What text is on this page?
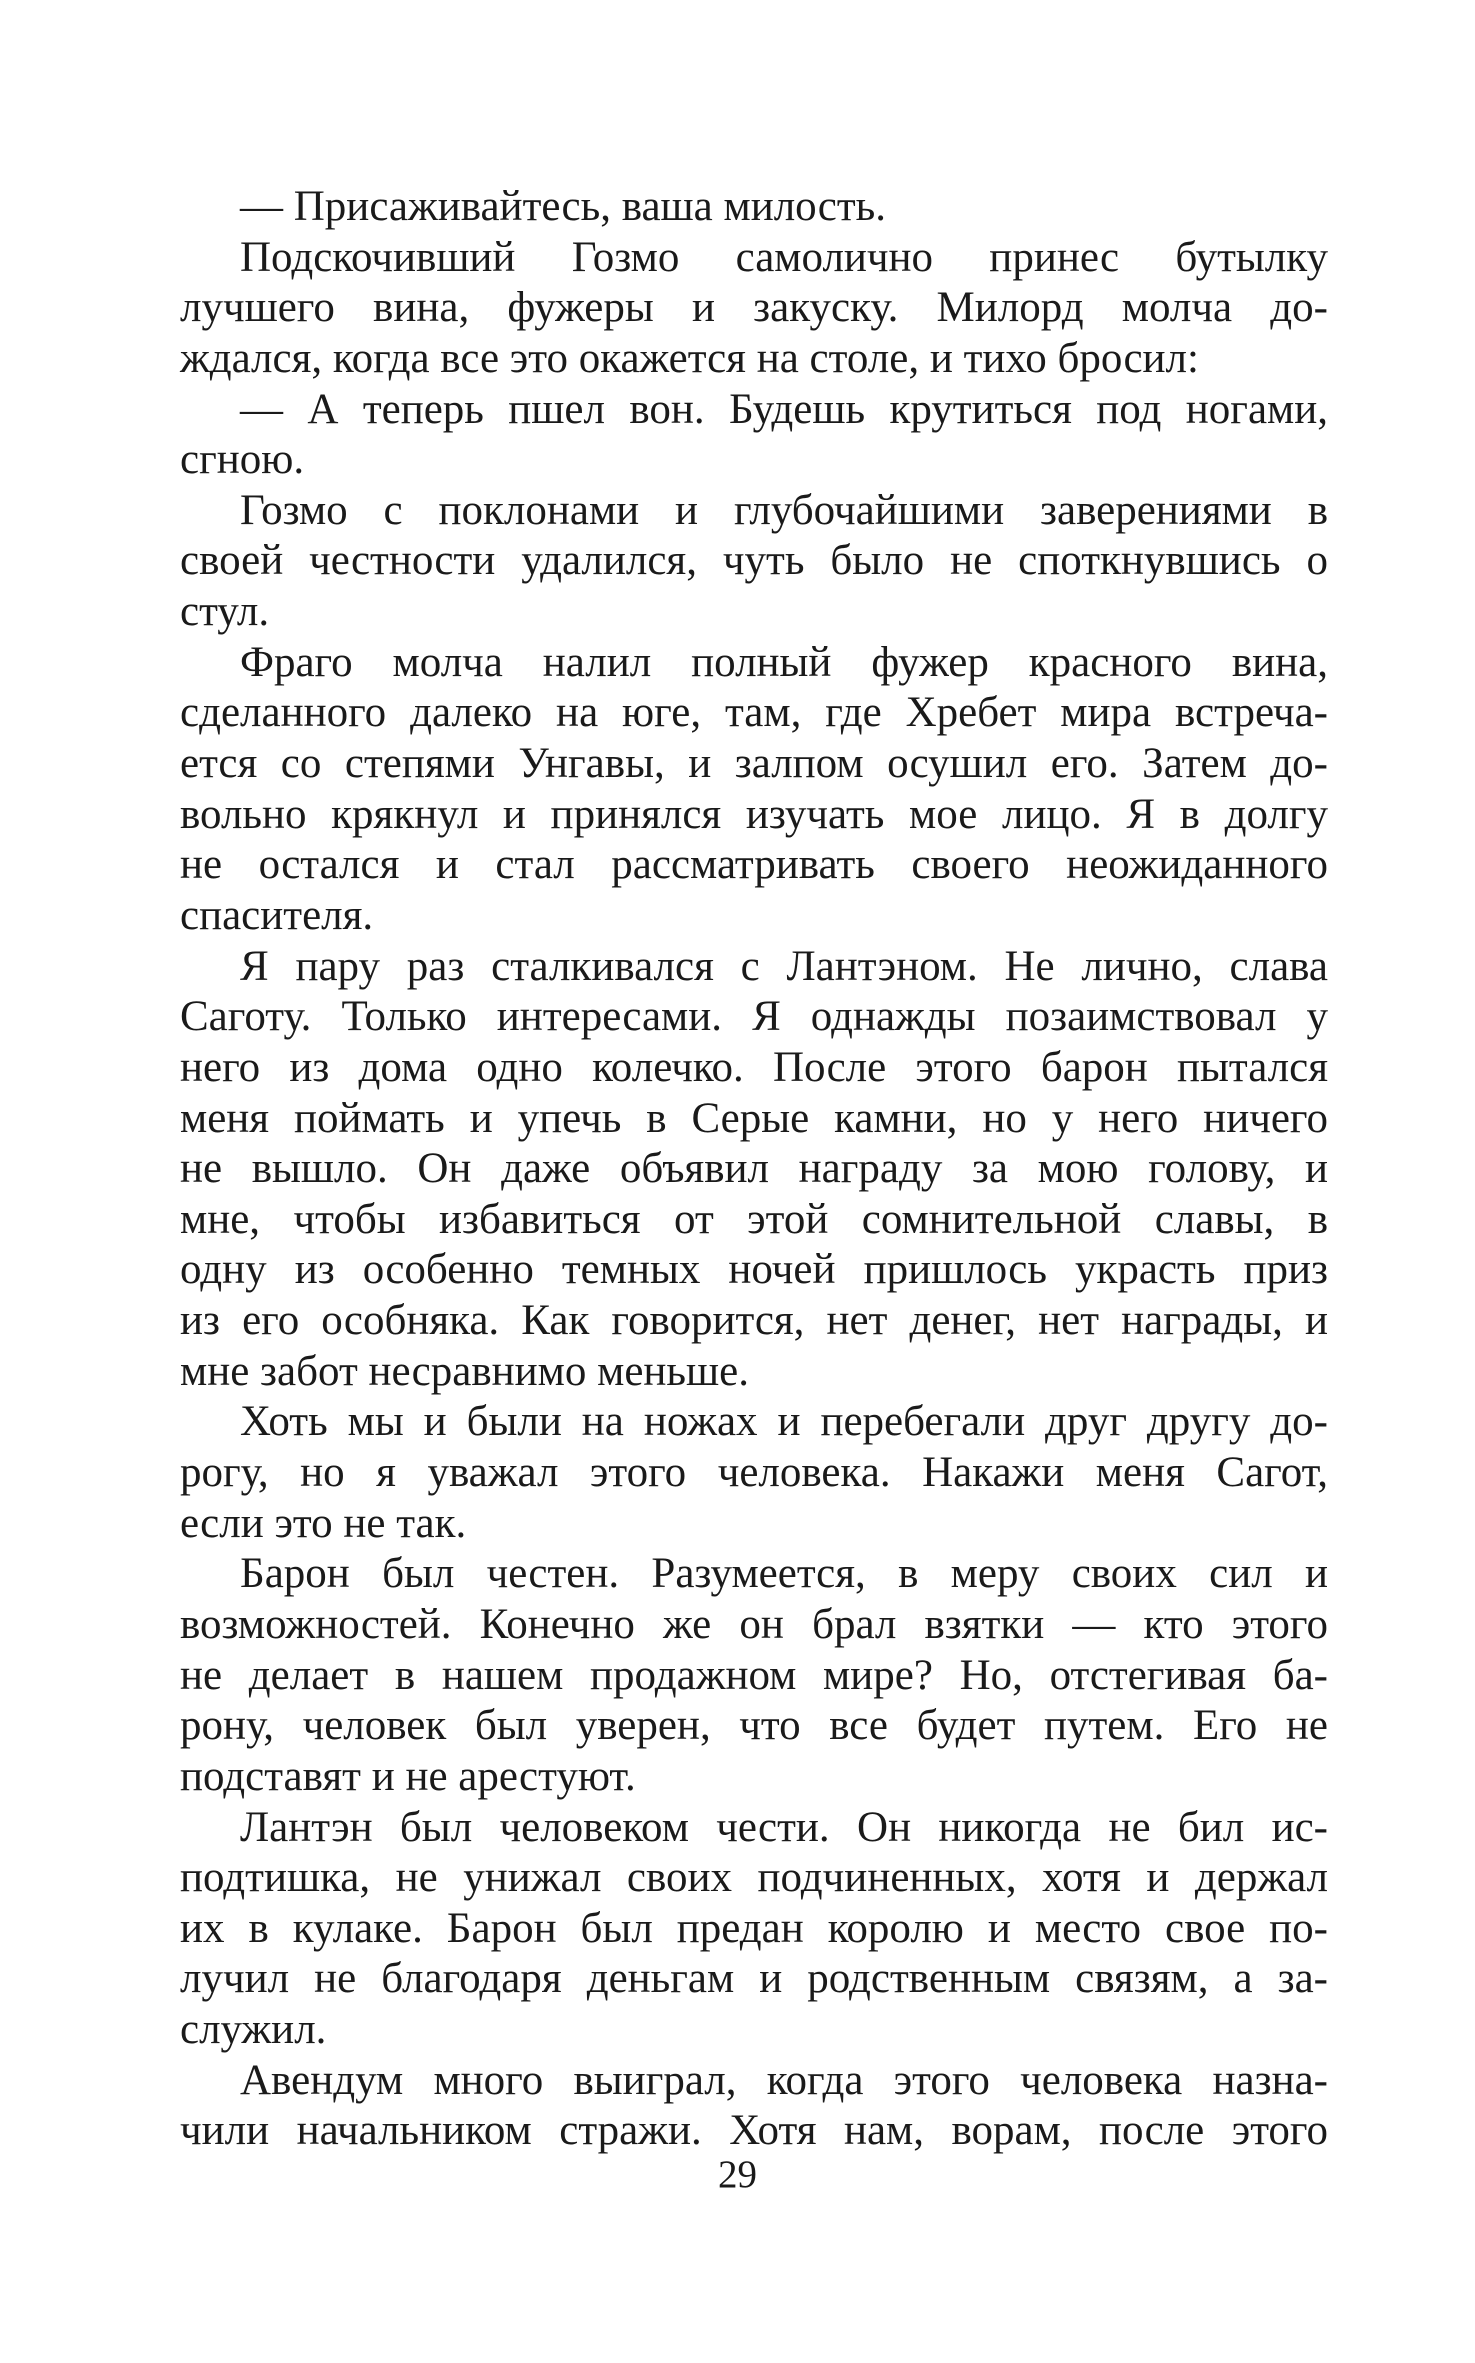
— Присаживайтесь, ваша милость.
Подскочивший Гозмо самолично принес бутылку
лучшего вина, фужеры и закуску. Милорд молча до-
ждался, когда все это окажется на столе, и тихо бросил:
— А теперь пшел вон. Будешь крутиться под ногами,
сгною.
Гозмо с поклонами и глубочайшими заверениями в
своей честности удалился, чуть было не споткнувшись о
стул.
Фраго молча налил полный фужер красного вина,
сделанного далеко на юге, там, где Хребет мира встреча-
ется со степями Унгавы, и залпом осушил его. Затем до-
вольно крякнул и принялся изучать мое лицо. Я в долгу
не остался и стал рассматривать своего неожиданного
спасителя.
Я пару раз сталкивался с Лантэном. Не лично, слава
Саготу. Только интересами. Я однажды позаимствовал у
него из дома одно колечко. После этого барон пытался
меня поймать и упечь в Серые камни, но у него ничего
не вышло. Он даже объявил награду за мою голову, и
мне, чтобы избавиться от этой сомнительной славы, в
одну из особенно темных ночей пришлось украсть приз
из его особняка. Как говорится, нет денег, нет награды, и
мне забот несравнимо меньше.
Хоть мы и были на ножах и перебегали друг другу до-
рогу, но я уважал этого человека. Накажи меня Сагот,
если это не так.
Барон был честен. Разумеется, в меру своих сил и
возможностей. Конечно же он брал взятки — кто этого
не делает в нашем продажном мире? Но, отстегивая ба-
рону, человек был уверен, что все будет путем. Его не
подставят и не арестуют.
Лантэн был человеком чести. Он никогда не бил ис-
подтишка, не унижал своих подчиненных, хотя и держал
их в кулаке. Барон был предан королю и место свое по-
лучил не благодаря деньгам и родственным связям, а за-
служил.
Авендум много выиграл, когда этого человека назна-
чили начальником стражи. Хотя нам, ворам, после этого
29
